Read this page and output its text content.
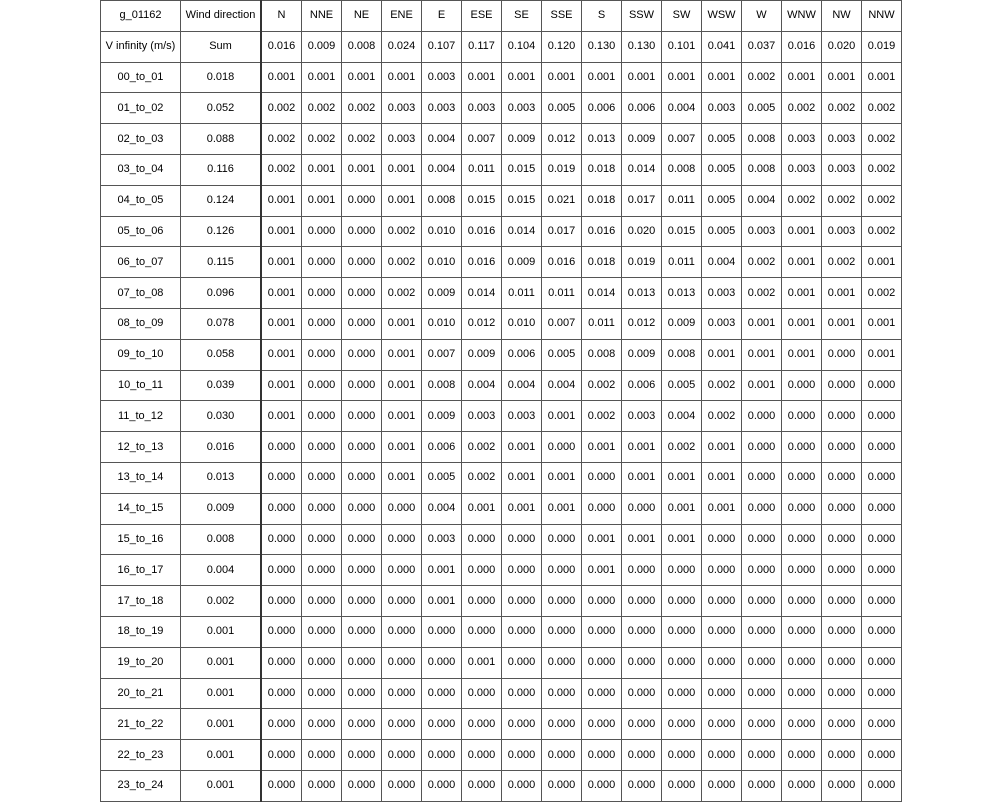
g_01162	Wind direction	N	NNE	NE	ENE	E	ESE	SE	SSE	S	SSW	SW	WSW	W	WNW	NW	NNW
V infinity (m/s)	Sum	0.016	0.009	0.008	0.024	0.107	0.117	0.104	0.120	0.130	0.130	0.101	0.041	0.037	0.016	0.020	0.019
00_to_01	0.018	0.001	0.001	0.001	0.001	0.003	0.001	0.001	0.001	0.001	0.001	0.001	0.001	0.002	0.001	0.001	0.001
01_to_02	0.052	0.002	0.002	0.002	0.003	0.003	0.003	0.003	0.005	0.006	0.006	0.004	0.003	0.005	0.002	0.002	0.002
02_to_03	0.088	0.002	0.002	0.002	0.003	0.004	0.007	0.009	0.012	0.013	0.009	0.007	0.005	0.008	0.003	0.003	0.002
03_to_04	0.116	0.002	0.001	0.001	0.001	0.004	0.011	0.015	0.019	0.018	0.014	0.008	0.005	0.008	0.003	0.003	0.002
04_to_05	0.124	0.001	0.001	0.000	0.001	0.008	0.015	0.015	0.021	0.018	0.017	0.011	0.005	0.004	0.002	0.002	0.002
05_to_06	0.126	0.001	0.000	0.000	0.002	0.010	0.016	0.014	0.017	0.016	0.020	0.015	0.005	0.003	0.001	0.003	0.002
06_to_07	0.115	0.001	0.000	0.000	0.002	0.010	0.016	0.009	0.016	0.018	0.019	0.011	0.004	0.002	0.001	0.002	0.001
07_to_08	0.096	0.001	0.000	0.000	0.002	0.009	0.014	0.011	0.011	0.014	0.013	0.013	0.003	0.002	0.001	0.001	0.002
08_to_09	0.078	0.001	0.000	0.000	0.001	0.010	0.012	0.010	0.007	0.011	0.012	0.009	0.003	0.001	0.001	0.001	0.001
09_to_10	0.058	0.001	0.000	0.000	0.001	0.007	0.009	0.006	0.005	0.008	0.009	0.008	0.001	0.001	0.001	0.000	0.001
10_to_11	0.039	0.001	0.000	0.000	0.001	0.008	0.004	0.004	0.004	0.002	0.006	0.005	0.002	0.001	0.000	0.000	0.000
11_to_12	0.030	0.001	0.000	0.000	0.001	0.009	0.003	0.003	0.001	0.002	0.003	0.004	0.002	0.000	0.000	0.000	0.000
12_to_13	0.016	0.000	0.000	0.000	0.001	0.006	0.002	0.001	0.000	0.001	0.001	0.002	0.001	0.000	0.000	0.000	0.000
13_to_14	0.013	0.000	0.000	0.000	0.001	0.005	0.002	0.001	0.001	0.000	0.001	0.001	0.001	0.000	0.000	0.000	0.000
14_to_15	0.009	0.000	0.000	0.000	0.000	0.004	0.001	0.001	0.001	0.000	0.000	0.001	0.001	0.000	0.000	0.000	0.000
15_to_16	0.008	0.000	0.000	0.000	0.000	0.003	0.000	0.000	0.000	0.001	0.001	0.001	0.000	0.000	0.000	0.000	0.000
16_to_17	0.004	0.000	0.000	0.000	0.000	0.001	0.000	0.000	0.000	0.001	0.000	0.000	0.000	0.000	0.000	0.000	0.000
17_to_18	0.002	0.000	0.000	0.000	0.000	0.001	0.000	0.000	0.000	0.000	0.000	0.000	0.000	0.000	0.000	0.000	0.000
18_to_19	0.001	0.000	0.000	0.000	0.000	0.000	0.000	0.000	0.000	0.000	0.000	0.000	0.000	0.000	0.000	0.000	0.000
19_to_20	0.001	0.000	0.000	0.000	0.000	0.000	0.001	0.000	0.000	0.000	0.000	0.000	0.000	0.000	0.000	0.000	0.000
20_to_21	0.001	0.000	0.000	0.000	0.000	0.000	0.000	0.000	0.000	0.000	0.000	0.000	0.000	0.000	0.000	0.000	0.000
21_to_22	0.001	0.000	0.000	0.000	0.000	0.000	0.000	0.000	0.000	0.000	0.000	0.000	0.000	0.000	0.000	0.000	0.000
22_to_23	0.001	0.000	0.000	0.000	0.000	0.000	0.000	0.000	0.000	0.000	0.000	0.000	0.000	0.000	0.000	0.000	0.000
23_to_24	0.001	0.000	0.000	0.000	0.000	0.000	0.000	0.000	0.000	0.000	0.000	0.000	0.000	0.000	0.000	0.000	0.000
